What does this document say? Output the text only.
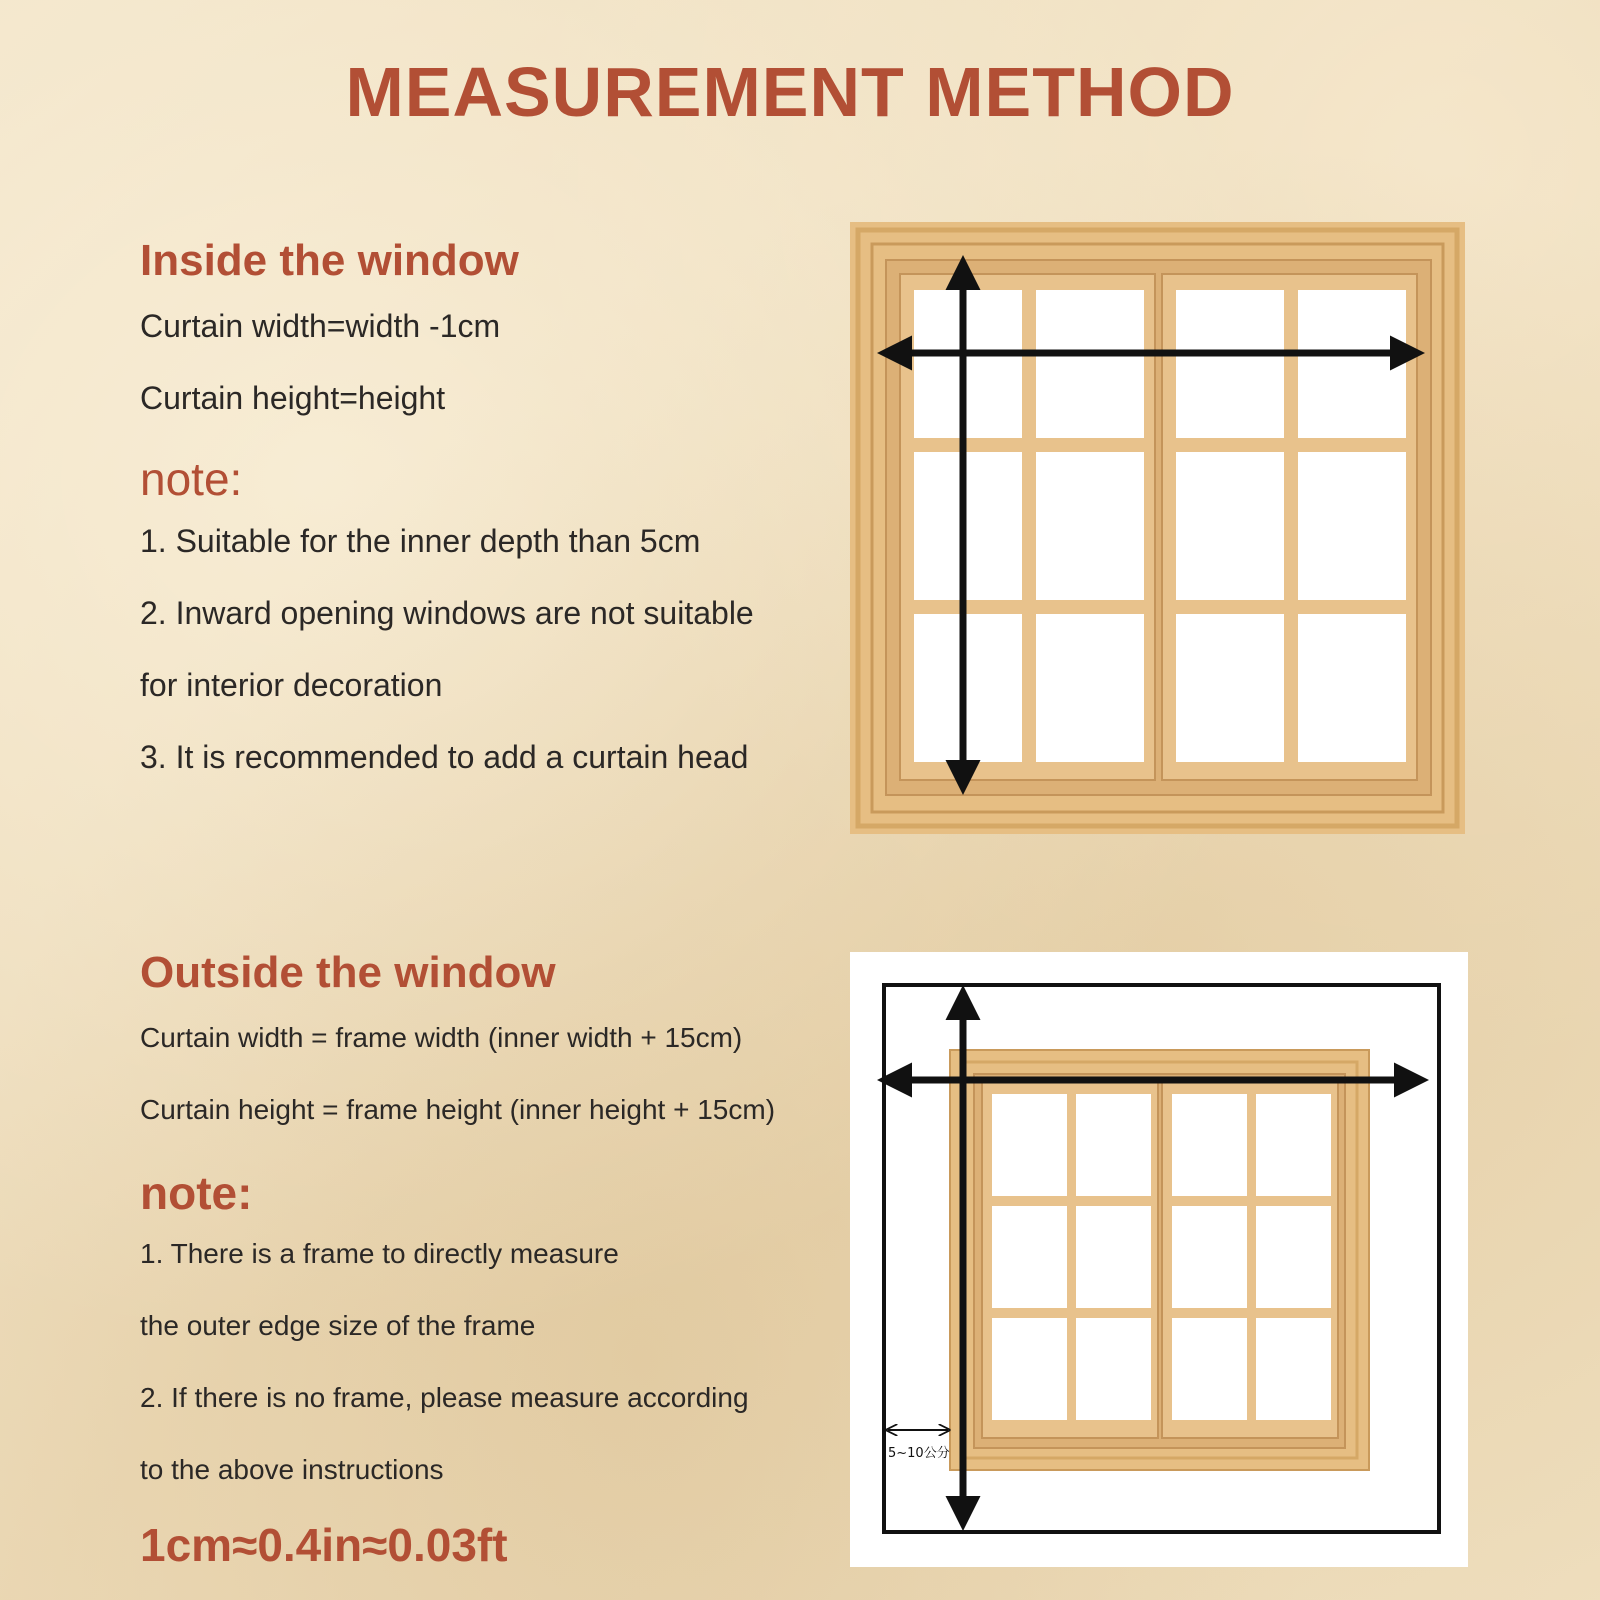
MEASUREMENT METHOD
Inside the window

Curtain width=width -1cm

Curtain height=height

note:

1. Suitable for the inner depth than 5cm

2. Inward opening windows are not suitable

for interior decoration

3. It is recommended to add a curtain head

Outside the window

Curtain width = frame width (inner width + 15cm)

Curtain height = frame height (inner height + 15cm)

note:

1. There is a frame to directly measure

the outer edge size of the frame

2. If there is no frame, please measure according

to the above instructions

1cm≈0.4in≈0.03ft

5~10公分
